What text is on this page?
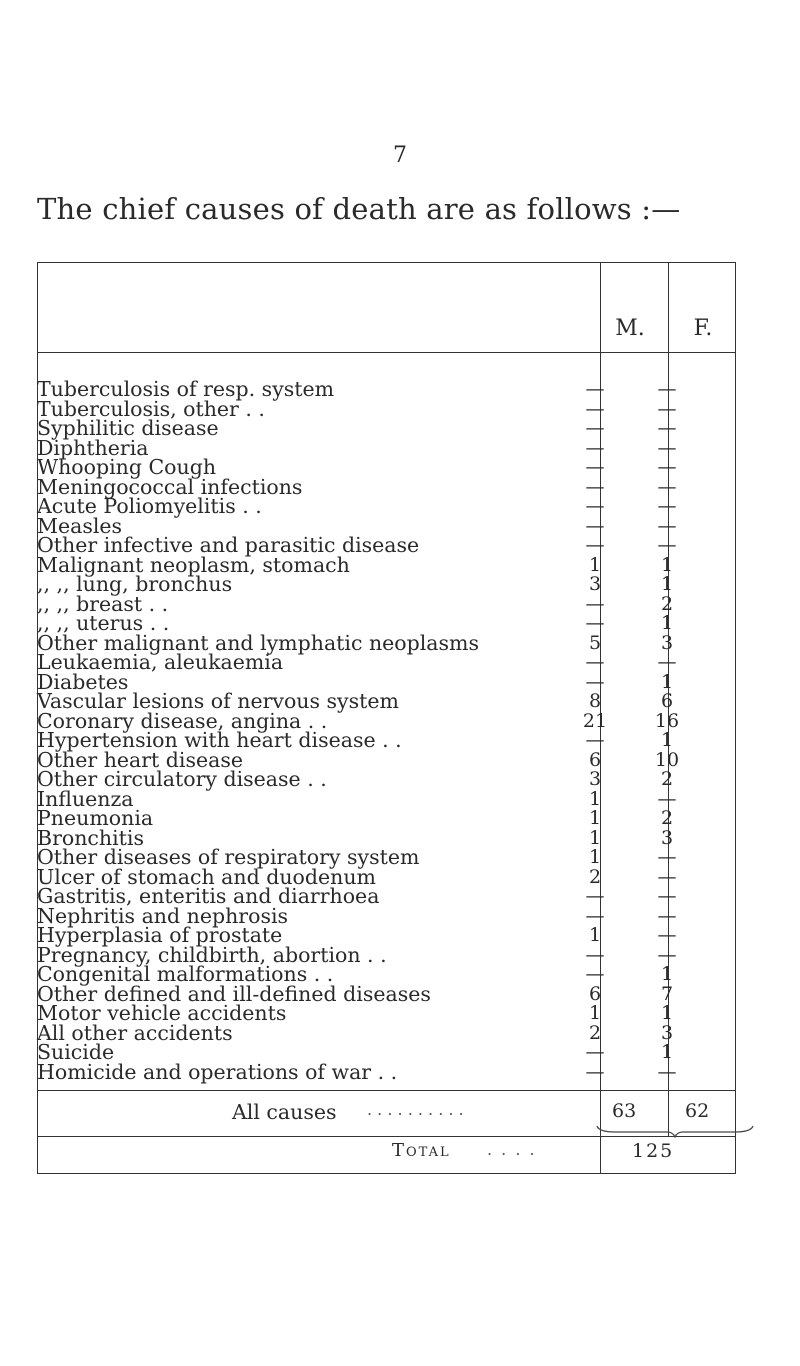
7
The chief causes of death are as follows :—
M.	F.
Tuberculosis of resp. system	—	—
Tuberculosis, other . .	—	—
Syphilitic disease	—	—
Diphtheria	—	—
Whooping Cough	—	—
Meningococcal infections	—	—
Acute Poliomyelitis . .	—	—
Measles	—	—
Other infective and parasitic disease	—	—
Malignant neoplasm, stomach	1	1
,, ,, lung, bronchus	3	1
,, ,, breast . .	—	2
,, ,, uterus . .	—	1
Other malignant and lymphatic neoplasms	5	3
Leukaemia, aleukaemia	—	—
Diabetes	—	1
Vascular lesions of nervous system	8	6
Coronary disease, angina . .	21	16
Hypertension with heart disease . .	—	1
Other heart disease	6	10
Other circulatory disease . .	3	2
Influenza	1	—
Pneumonia	1	2
Bronchitis	1	3
Other diseases of respiratory system	1	—
Ulcer of stomach and duodenum	2	—
Gastritis, enteritis and diarrhoea	—	—
Nephritis and nephrosis	—	—
Hyperplasia of prostate	1	—
Pregnancy, childbirth, abortion . .	—	—
Congenital malformations . .	—	1
Other defined and ill-defined diseases	6	7
Motor vehicle accidents	1	1
All other accidents	2	3
Suicide	—	1
Homicide and operations of war . .	—	—
All causes . . . . . . . . . .	63	62
Total . . . .	125
